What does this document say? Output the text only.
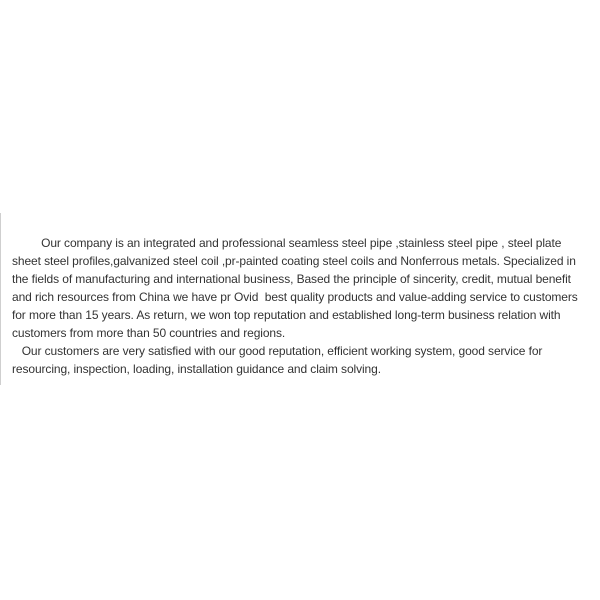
Our company is an integrated and professional seamless steel pipe ,stainless steel pipe , steel plate
sheet steel profiles,galvanized steel coil ,pr-painted coating steel coils and Nonferrous metals. Specialized in
the fields of manufacturing and international business, Based the principle of sincerity, credit, mutual benefit
and rich resources from China we have pr Ovid  best quality products and value-adding service to customers
for more than 15 years. As return, we won top reputation and established long-term business relation with
customers from more than 50 countries and regions.
Our customers are very satisfied with our good reputation, efficient working system, good service for
resourcing, inspection, loading, installation guidance and claim solving.
